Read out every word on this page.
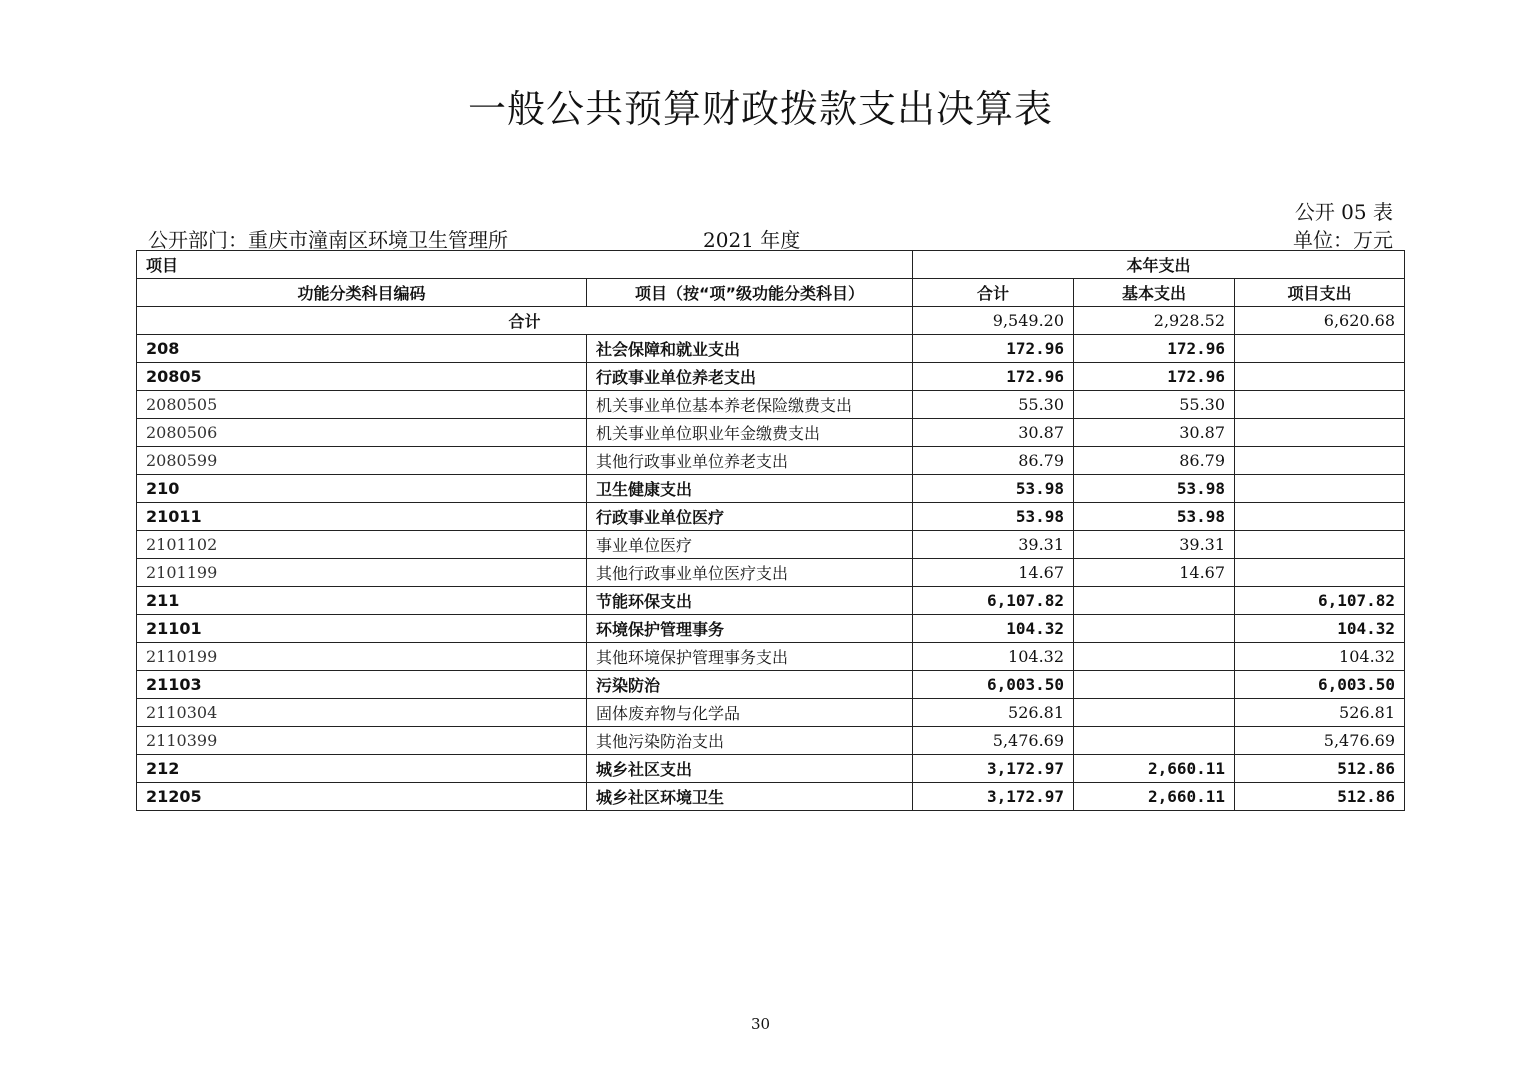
一般公共预算财政拨款支出决算表
公开 05 表
公开部门：重庆市潼南区环境卫生管理所	2021 年度	单位：万元
项目		本年支出		
功能分类科目编码	项目（按“项”级功能分类科目）	合计	基本支出	项目支出
合计		9,549.20	2,928.52	6,620.68
208	社会保障和就业支出	172.96	172.96	
20805	行政事业单位养老支出	172.96	172.96	
2080505	机关事业单位基本养老保险缴费支出	55.30	55.30	
2080506	机关事业单位职业年金缴费支出	30.87	30.87	
2080599	其他行政事业单位养老支出	86.79	86.79	
210	卫生健康支出	53.98	53.98	
21011	行政事业单位医疗	53.98	53.98	
2101102	事业单位医疗	39.31	39.31	
2101199	其他行政事业单位医疗支出	14.67	14.67	
211	节能环保支出	6,107.82		6,107.82
21101	环境保护管理事务	104.32		104.32
2110199	其他环境保护管理事务支出	104.32		104.32
21103	污染防治	6,003.50		6,003.50
2110304	固体废弃物与化学品	526.81		526.81
2110399	其他污染防治支出	5,476.69		5,476.69
212	城乡社区支出	3,172.97	2,660.11	512.86
21205	城乡社区环境卫生	3,172.97	2,660.11	512.86
30
